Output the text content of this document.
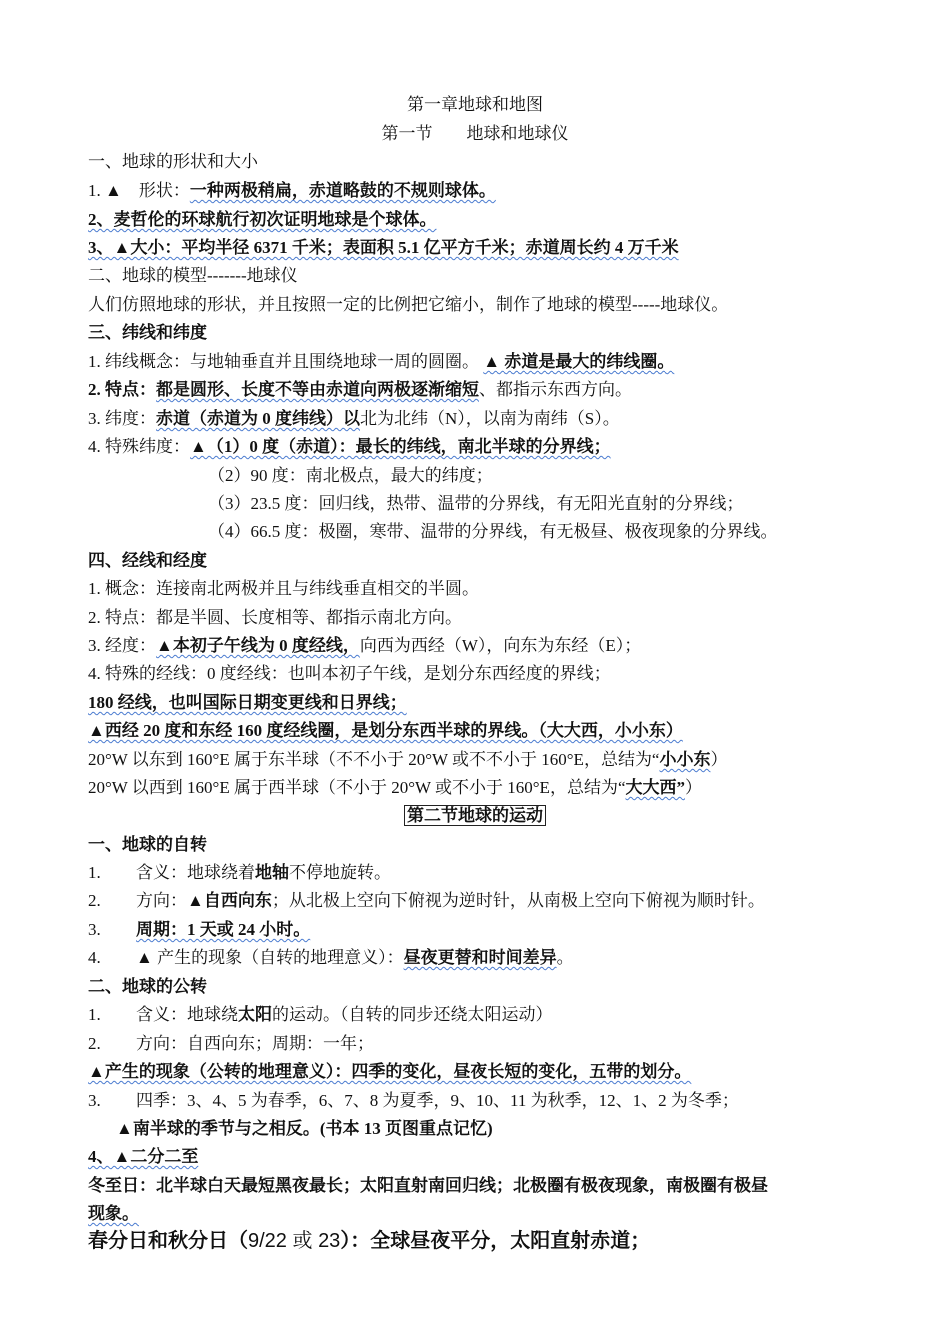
第一章地球和地图
第一节　　地球和地球仪
一、地球的形状和大小
1. ▲　形状：一种两极稍扁，赤道略鼓的不规则球体。
2、麦哲伦的环球航行初次证明地球是个球体。
3、▲大小：平均半径 6371 千米；表面积 5.1 亿平方千米；赤道周长约 4 万千米
二、地球的模型-------地球仪
人们仿照地球的形状，并且按照一定的比例把它缩小，制作了地球的模型-----地球仪。
三、纬线和纬度
1. 纬线概念：与地轴垂直并且围绕地球一周的圆圈。 ▲ 赤道是最大的纬线圈。
2. 特点：都是圆形、长度不等由赤道向两极逐渐缩短、都指示东西方向。
3. 纬度：赤道（赤道为 0 度纬线）以北为北纬（N），以南为南纬（S）。
4. 特殊纬度：▲（1）0 度（赤道）：最长的纬线，南北半球的分界线；
（2）90 度：南北极点，最大的纬度；
（3）23.5 度：回归线，热带、温带的分界线，有无阳光直射的分界线；
（4）66.5 度：极圈，寒带、温带的分界线，有无极昼、极夜现象的分界线。
四、经线和经度
1. 概念：连接南北两极并且与纬线垂直相交的半圆。
2. 特点：都是半圆、长度相等、都指示南北方向。
3. 经度：▲本初子午线为 0 度经线，向西为西经（W），向东为东经（E）；
4. 特殊的经线：0 度经线：也叫本初子午线，是划分东西经度的界线；
180 经线，也叫国际日期变更线和日界线；
▲西经 20 度和东经 160 度经线圈，是划分东西半球的界线。（大大西，小小东）
20°W 以东到 160°E 属于东半球（不不小于 20°W 或不不小于 160°E，总结为“小小东）
20°W 以西到 160°E 属于西半球（不小于 20°W 或不小于 160°E，总结为“大大西”）
第二节地球的运动
一、地球的自转
1. 含义：地球绕着地轴不停地旋转。
2. 方向：▲自西向东；从北极上空向下俯视为逆时针，从南极上空向下俯视为顺时针。
3. 周期：1 天或 24 小时。
4. ▲ 产生的现象（自转的地理意义）：昼夜更替和时间差异。
二、地球的公转
1. 含义：地球绕太阳的运动。（自转的同步还绕太阳运动）
2. 方向：自西向东；周期：一年；
▲产生的现象（公转的地理意义）：四季的变化，昼夜长短的变化，五带的划分。
3. 四季：3、4、5 为春季，6、7、8 为夏季，9、10、11 为秋季，12、1、2 为冬季；
▲南半球的季节与之相反。(书本 13 页图重点记忆)
4、▲二分二至
冬至日：北半球白天最短黑夜最长；太阳直射南回归线；北极圈有极夜现象，南极圈有极昼
现象。
春分日和秋分日（9/22 或 23）：全球昼夜平分，太阳直射赤道；
